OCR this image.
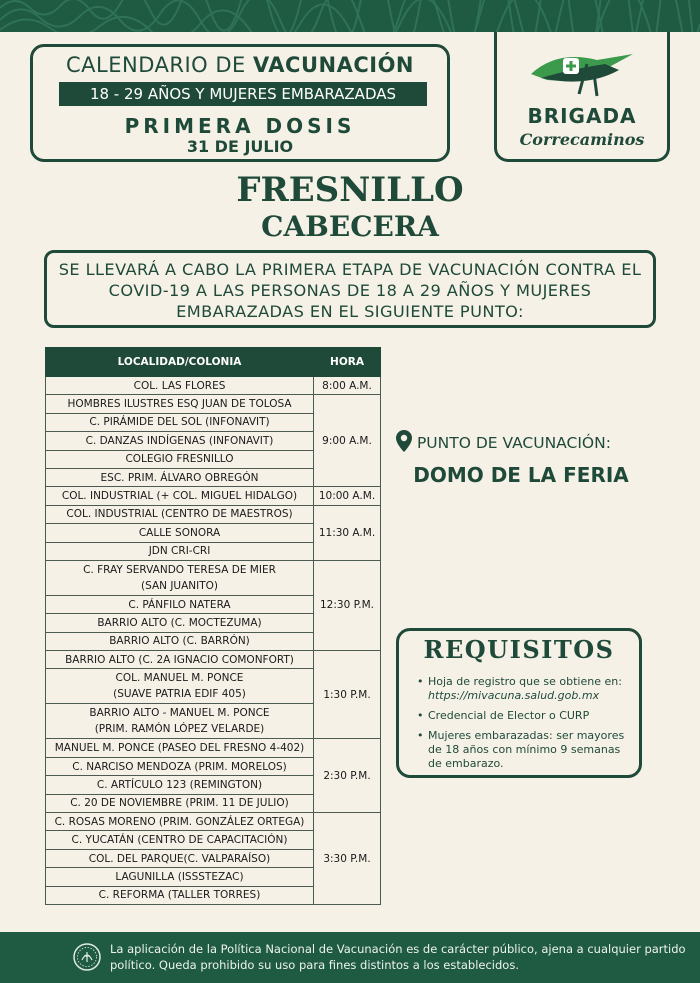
CALENDARIO DE VACUNACIÓN
18 - 29 AÑOS Y MUJERES EMBARAZADAS
PRIMERA DOSIS
31 DE JULIO
BRIGADA
Correcaminos
FRESNILLO
CABECERA
SE LLEVARÁ A CABO LA PRIMERA ETAPA DE VACUNACIÓN CONTRA EL COVID-19 A LAS PERSONAS DE 18 A 29 AÑOS Y MUJERES EMBARAZADAS EN EL SIGUIENTE PUNTO:
LOCALIDAD/COLONIA	HORA
COL. LAS FLORES	8:00 A.M.
HOMBRES ILUSTRES ESQ JUAN DE TOLOSA	9:00 A.M.
C. PIRÁMIDE DEL SOL (INFONAVIT)	
C. DANZAS INDÍGENAS (INFONAVIT)	
COLEGIO FRESNILLO	
ESC. PRIM. ÁLVARO OBREGÓN	
COL. INDUSTRIAL (+ COL. MIGUEL HIDALGO)	10:00 A.M.
COL. INDUSTRIAL (CENTRO DE MAESTROS)	11:30 A.M.
CALLE SONORA	
JDN CRI-CRI	
C. FRAY SERVANDO TERESA DE MIER
(SAN JUANITO)	12:30 P.M.
C. PÁNFILO NATERA	
BARRIO ALTO (C. MOCTEZUMA)	
BARRIO ALTO (C. BARRÓN)	
BARRIO ALTO (C. 2A IGNACIO COMONFORT)	1:30 P.M.
COL. MANUEL M. PONCE
(SUAVE PATRIA EDIF 405)	
BARRIO ALTO - MANUEL M. PONCE
(PRIM. RAMÓN LÓPEZ VELARDE)	
MANUEL M. PONCE (PASEO DEL FRESNO 4-402)	2:30 P.M.
C. NARCISO MENDOZA (PRIM. MORELOS)	
C. ARTÍCULO 123 (REMINGTON)	
C. 20 DE NOVIEMBRE (PRIM. 11 DE JULIO)	
C. ROSAS MORENO (PRIM. GONZÁLEZ ORTEGA)	3:30 P.M.
C. YUCATÁN (CENTRO DE CAPACITACIÓN)	
COL. DEL PARQUE(C. VALPARAÍSO)	
LAGUNILLA (ISSSTEZAC)	
C. REFORMA (TALLER TORRES)	
PUNTO DE VACUNACIÓN:
DOMO DE LA FERIA
REQUISITOS
• Hoja de registro que se obtiene en: https://mivacuna.salud.gob.mx
• Credencial de Elector o CURP
• Mujeres embarazadas: ser mayores de 18 años con mínimo 9 semanas de embarazo.
La aplicación de la Política Nacional de Vacunación es de carácter público, ajena a cualquier partido político. Queda prohibido su uso para fines distintos a los establecidos.
